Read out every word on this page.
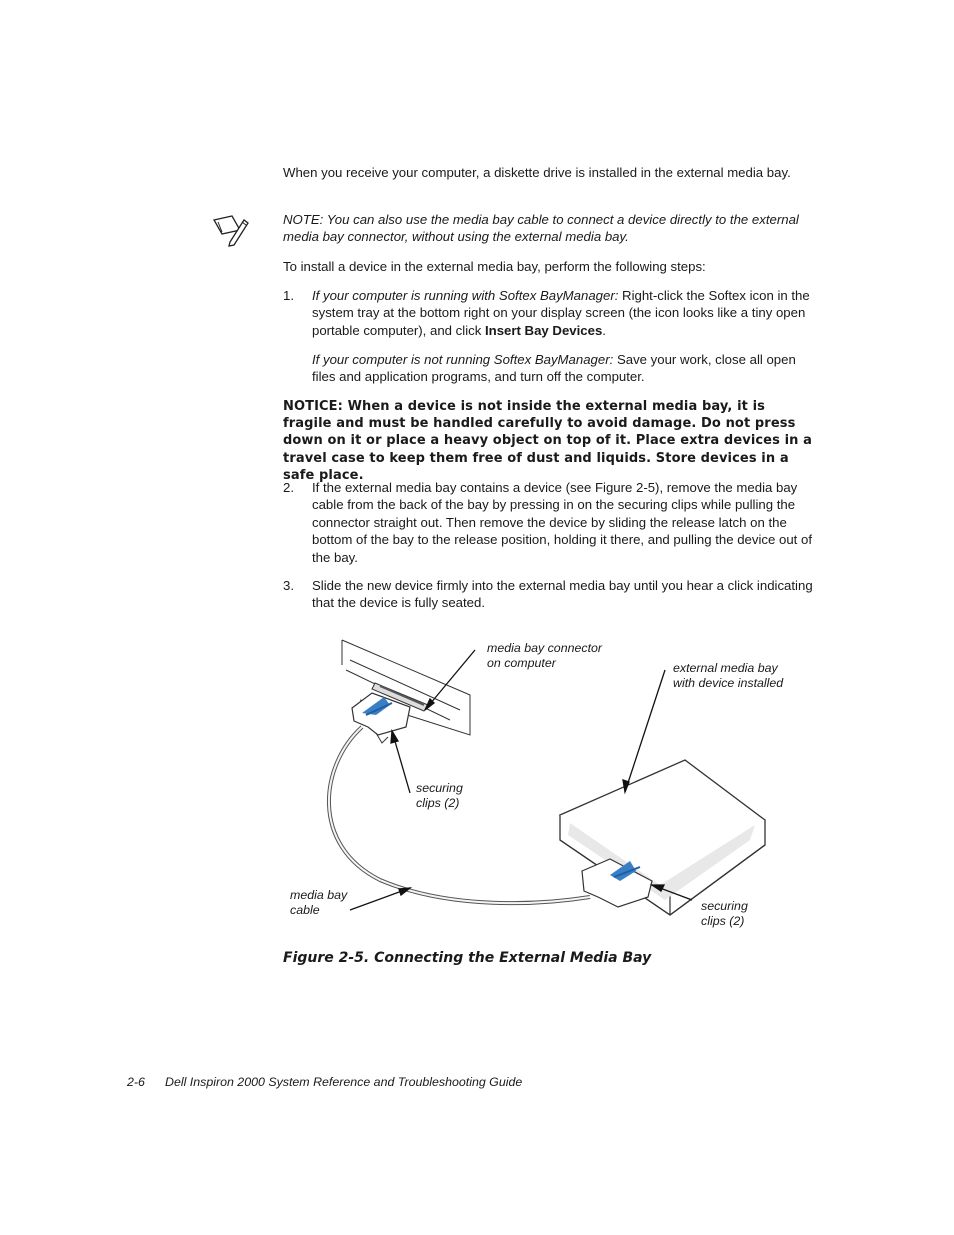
When you receive your computer, a diskette drive is installed in the external media bay.

NOTE: You can also use the media bay cable to connect a device directly to the external media bay connector, without using the external media bay.

To install a device in the external media bay, perform the following steps:

1. If your computer is running with Softex BayManager: Right-click the Softex icon in the system tray at the bottom right on your display screen (the icon looks like a tiny open portable computer), and click Insert Bay Devices.
If your computer is not running Softex BayManager: Save your work, close all open files and application programs, and turn off the computer.
NOTICE: When a device is not inside the external media bay, it is fragile and must be handled carefully to avoid damage. Do not press down on it or place a heavy object on top of it. Place extra devices in a travel case to keep them free of dust and liquids. Store devices in a safe place.
2. If the external media bay contains a device (see Figure 2-5), remove the media bay cable from the back of the bay by pressing in on the securing clips while pulling the connector straight out. Then remove the device by sliding the release latch on the bottom of the bay to the release position, holding it there, and pulling the device out of the bay.
3. Slide the new device firmly into the external media bay until you hear a click indicating that the device is fully seated.
media bay connector
on computer	external media bay
with device installed
securing
clips (2)
media bay
cable	securing
clips (2)
Figure 2-5. Connecting the External Media Bay
2-6 Dell Inspiron 2000 System Reference and Troubleshooting Guide
